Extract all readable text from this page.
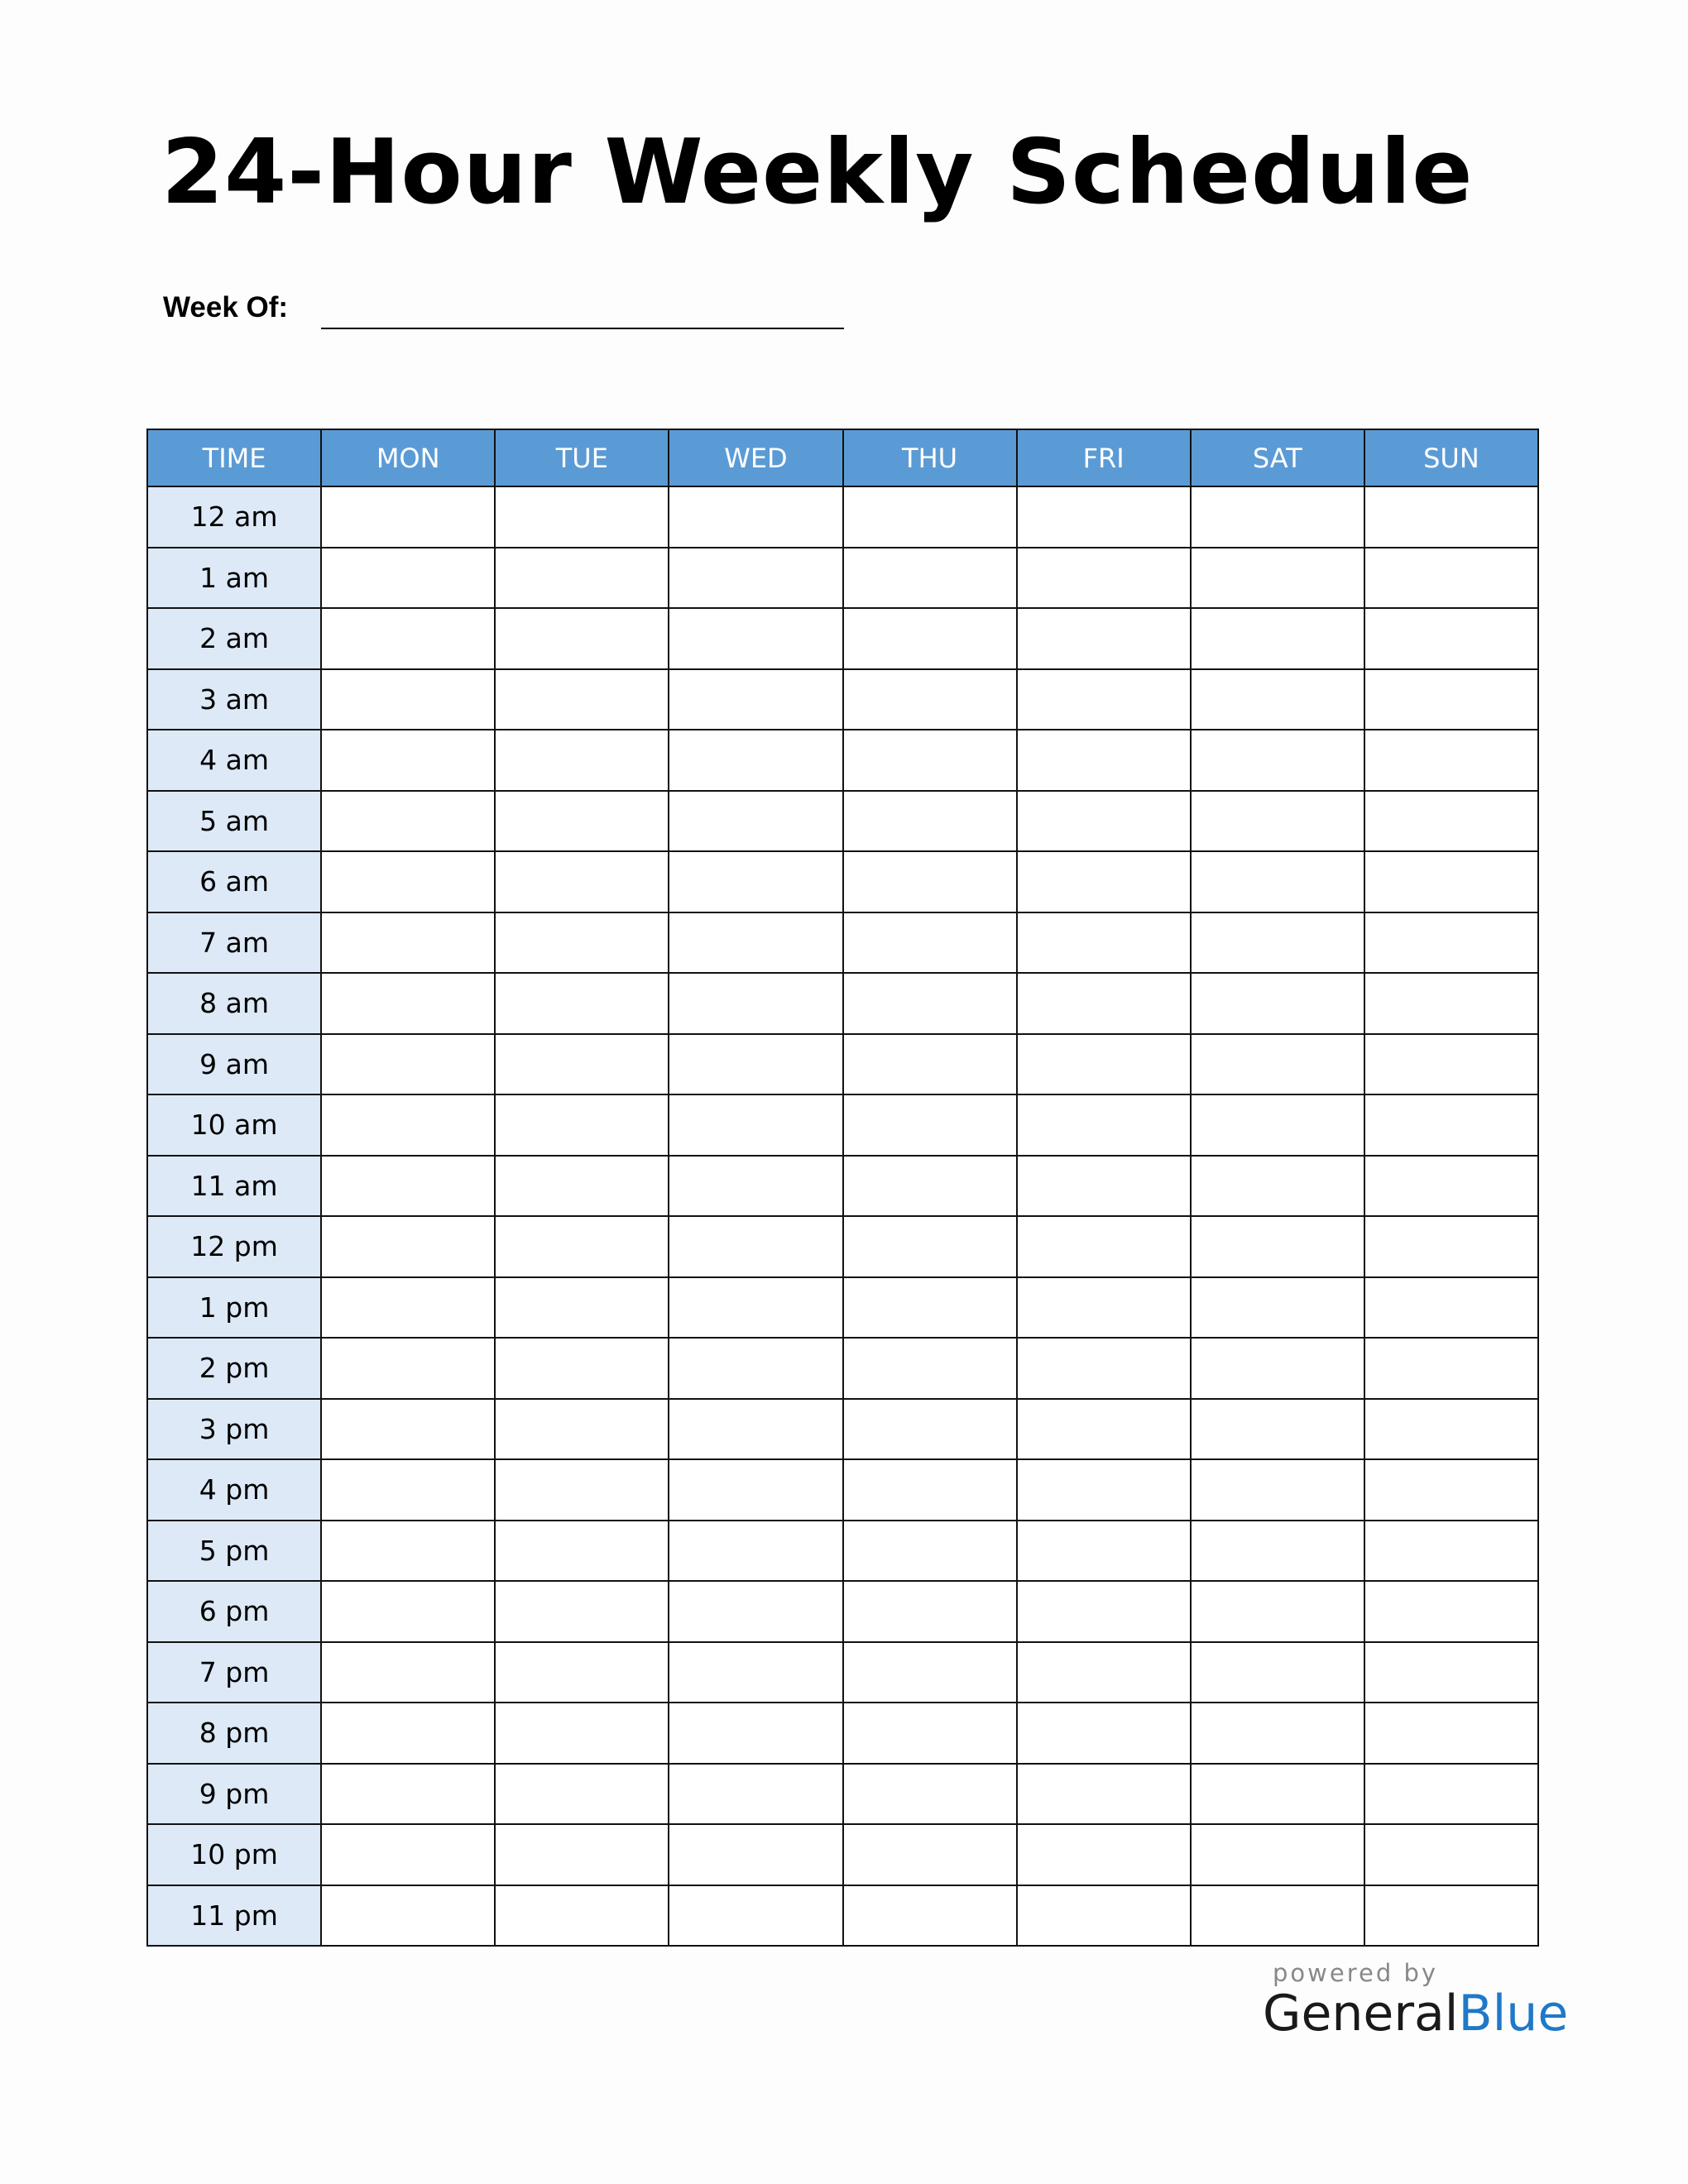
24-Hour Weekly Schedule
Week Of:
TIME	MON	TUE	WED	THU	FRI	SAT	SUN
12 am							
1 am							
2 am							
3 am							
4 am							
5 am							
6 am							
7 am							
8 am							
9 am							
10 am							
11 am							
12 pm							
1 pm							
2 pm							
3 pm							
4 pm							
5 pm							
6 pm							
7 pm							
8 pm							
9 pm							
10 pm							
11 pm							
powered by
GeneralBlue
